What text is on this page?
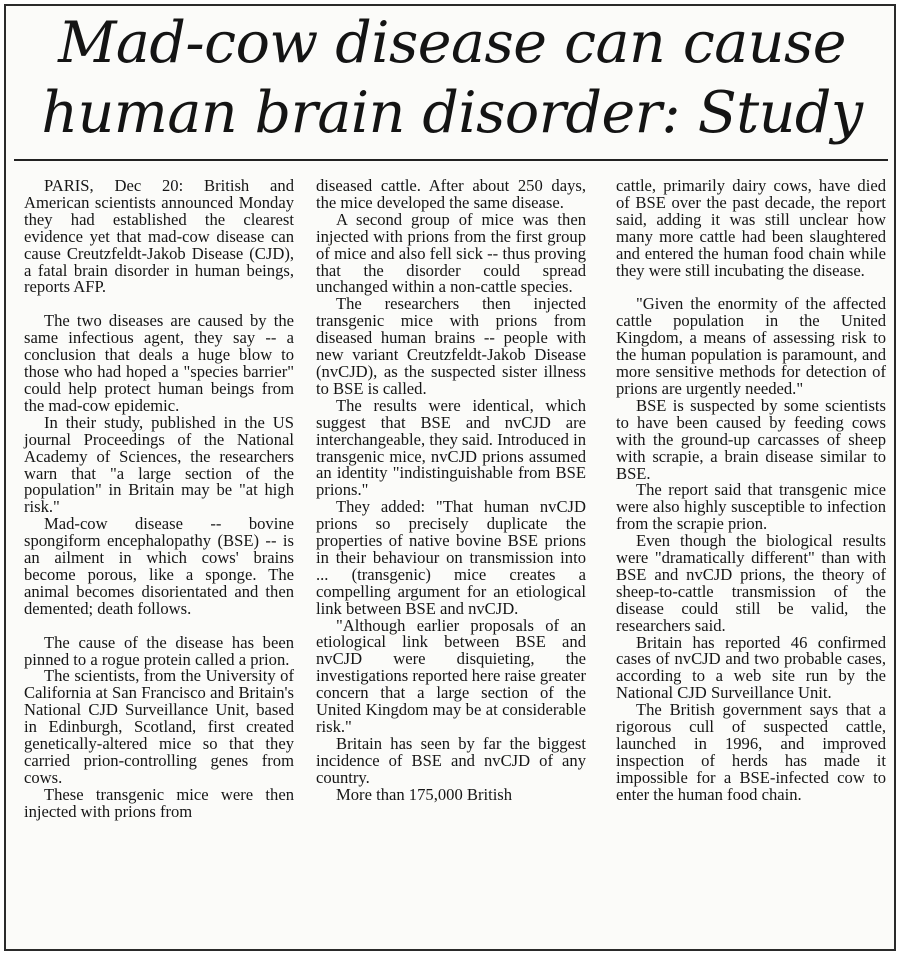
Mad-cow disease can cause human brain disorder: Study

PARIS, Dec 20: British and American scientists announced Monday they had established the clearest evidence yet that mad-cow disease can cause Creutzfeldt-Jakob Disease (CJD), a fatal brain disorder in human beings, reports AFP.

The two diseases are caused by the same infectious agent, they say -- a conclusion that deals a huge blow to those who had hoped a "species barrier" could help protect human beings from the mad-cow epidemic.

In their study, published in the US journal Proceedings of the National Academy of Sciences, the researchers warn that "a large section of the population" in Britain may be "at high risk."

Mad-cow disease -- bovine spongiform encephalopathy (BSE) -- is an ailment in which cows' brains become porous, like a sponge. The animal becomes disorientated and then demented; death follows.

The cause of the disease has been pinned to a rogue protein called a prion.

The scientists, from the University of California at San Francisco and Britain's National CJD Surveillance Unit, based in Edinburgh, Scotland, first created genetically-altered mice so that they carried prion-controlling genes from cows.

These transgenic mice were then injected with prions from

diseased cattle. After about 250 days, the mice developed the same disease.

A second group of mice was then injected with prions from the first group of mice and also fell sick -- thus proving that the disorder could spread unchanged within a non-cattle species.

The researchers then injected transgenic mice with prions from diseased human brains -- people with new variant Creutzfeldt-Jakob Disease (nvCJD), as the suspected sister illness to BSE is called.

The results were identical, which suggest that BSE and nvCJD are interchangeable, they said. Introduced in transgenic mice, nvCJD prions assumed an identity "indistinguishable from BSE prions."

They added: "That human nvCJD prions so precisely duplicate the properties of native bovine BSE prions in their behaviour on transmission into ... (transgenic) mice creates a compelling argument for an etiological link between BSE and nvCJD.

"Although earlier proposals of an etiological link between BSE and nvCJD were disquieting, the investigations reported here raise greater concern that a large section of the United Kingdom may be at considerable risk."

Britain has seen by far the biggest incidence of BSE and nvCJD of any country.

More than 175,000 British

cattle, primarily dairy cows, have died of BSE over the past decade, the report said, adding it was still unclear how many more cattle had been slaughtered and entered the human food chain while they were still incubating the disease.

"Given the enormity of the affected cattle population in the United Kingdom, a means of assessing risk to the human population is paramount, and more sensitive methods for detection of prions are urgently needed."

BSE is suspected by some scientists to have been caused by feeding cows with the ground-up carcasses of sheep with scrapie, a brain disease similar to BSE.

The report said that transgenic mice were also highly susceptible to infection from the scrapie prion.

Even though the biological results were "dramatically different" than with BSE and nvCJD prions, the theory of sheep-to-cattle transmission of the disease could still be valid, the researchers said.

Britain has reported 46 confirmed cases of nvCJD and two probable cases, according to a web site run by the National CJD Surveillance Unit.

The British government says that a rigorous cull of suspected cattle, launched in 1996, and improved inspection of herds has made it impossible for a BSE-infected cow to enter the human food chain.
